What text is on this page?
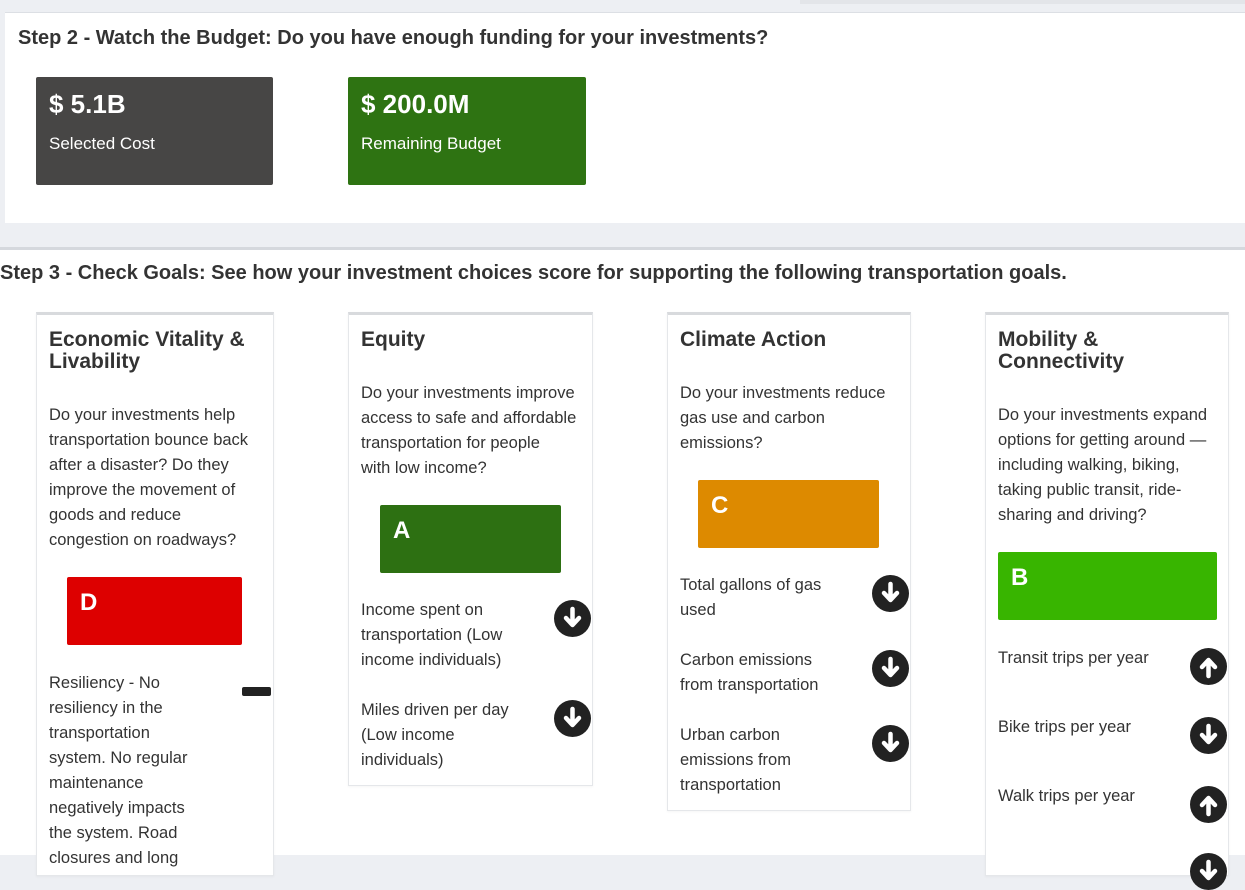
Step 2 - Watch the Budget: Do you have enough funding for your investments?
$ 5.1B
Selected Cost
$ 200.0M
Remaining Budget
Step 3 - Check Goals: See how your investment choices score for supporting the following transportation goals.
Economic Vitality &
Livability
Do your investments help
transportation bounce back
after a disaster? Do they
improve the movement of
goods and reduce
congestion on roadways?
D
Resiliency - No
resiliency in the
transportation
system. No regular
maintenance
negatively impacts
the system. Road
closures and long
Equity
Do your investments improve
access to safe and affordable
transportation for people
with low income?
A
Income spent on
transportation (Low
income individuals)
Miles driven per day
(Low income
individuals)
Climate Action
Do your investments reduce
gas use and carbon
emissions?
C
Total gallons of gas
used
Carbon emissions
from transportation
Urban carbon
emissions from
transportation
Mobility &
Connectivity
Do your investments expand
options for getting around —
including walking, biking,
taking public transit, ride-
sharing and driving?
B
Transit trips per year
Bike trips per year
Walk trips per year
